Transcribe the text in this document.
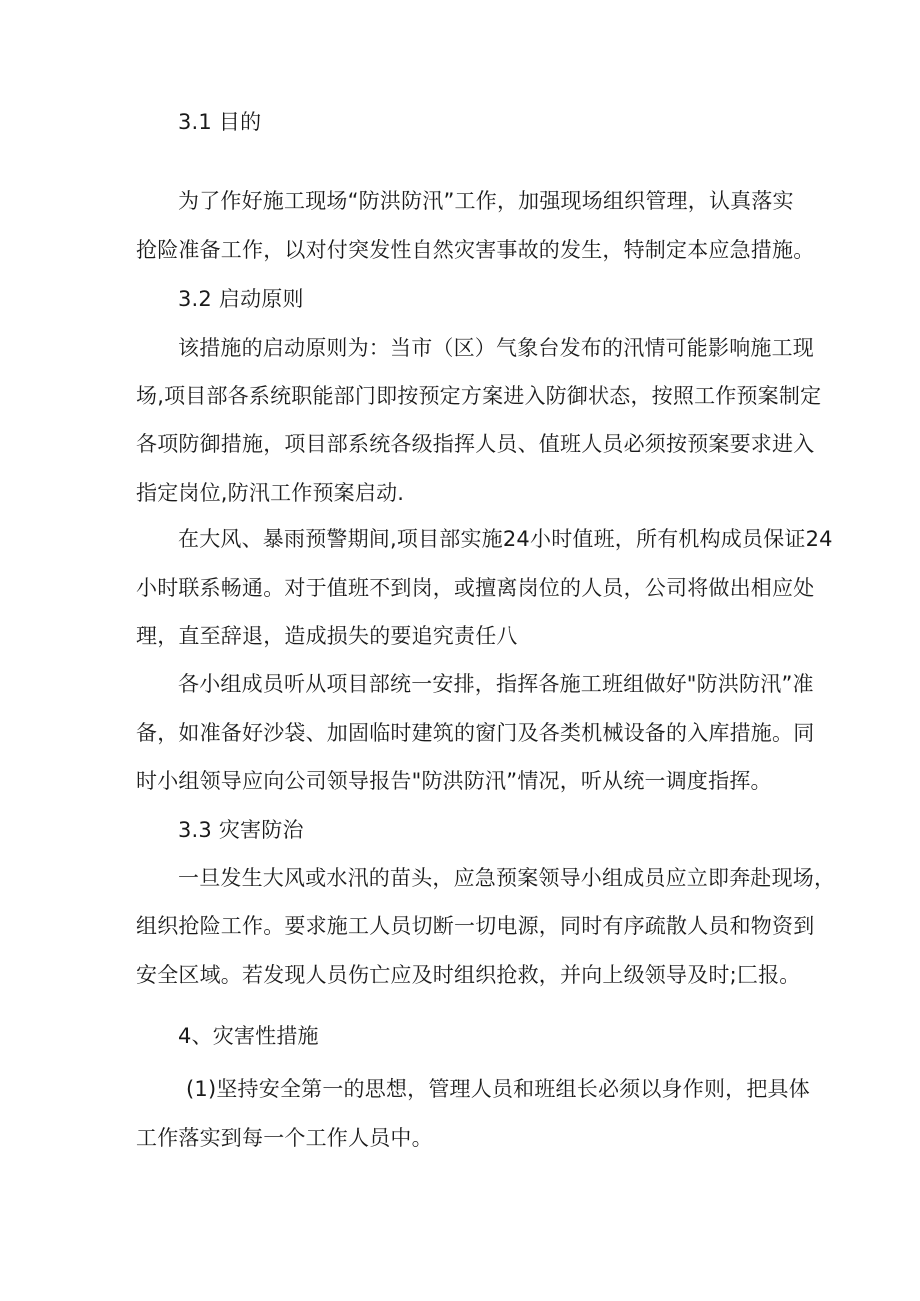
3.1 目的
为了作好施工现场“防洪防汛”工作，加强现场组织管理，认真落实
抢险准备工作，以对付突发性自然灾害事故的发生，特制定本应急措施。
3.2 启动原则
该措施的启动原则为：当市（区）气象台发布的汛情可能影响施工现
场,项目部各系统职能部门即按预定方案进入防御状态，按照工作预案制定
各项防御措施，项目部系统各级指挥人员、值班人员必须按预案要求进入
指定岗位,防汛工作预案启动.
在大风、暴雨预警期间,项目部实施24小时值班，所有机构成员保证24
小时联系畅通。对于值班不到岗，或擅离岗位的人员，公司将做出相应处
理，直至辞退，造成损失的要追究责任八
各小组成员听从项目部统一安排，指挥各施工班组做好"防洪防汛”准
备，如准备好沙袋、加固临时建筑的窗门及各类机械设备的入库措施。同
时小组领导应向公司领导报告"防洪防汛”情况，听从统一调度指挥。
3.3 灾害防治
一旦发生大风或水汛的苗头，应急预案领导小组成员应立即奔赴现场，
组织抢险工作。要求施工人员切断一切电源，同时有序疏散人员和物资到
安全区域。若发现人员伤亡应及时组织抢救，并向上级领导及时;匚报。
4、灾害性措施
(1)坚持安全第一的思想，管理人员和班组长必须以身作则，把具体
工作落实到每一个工作人员中。
